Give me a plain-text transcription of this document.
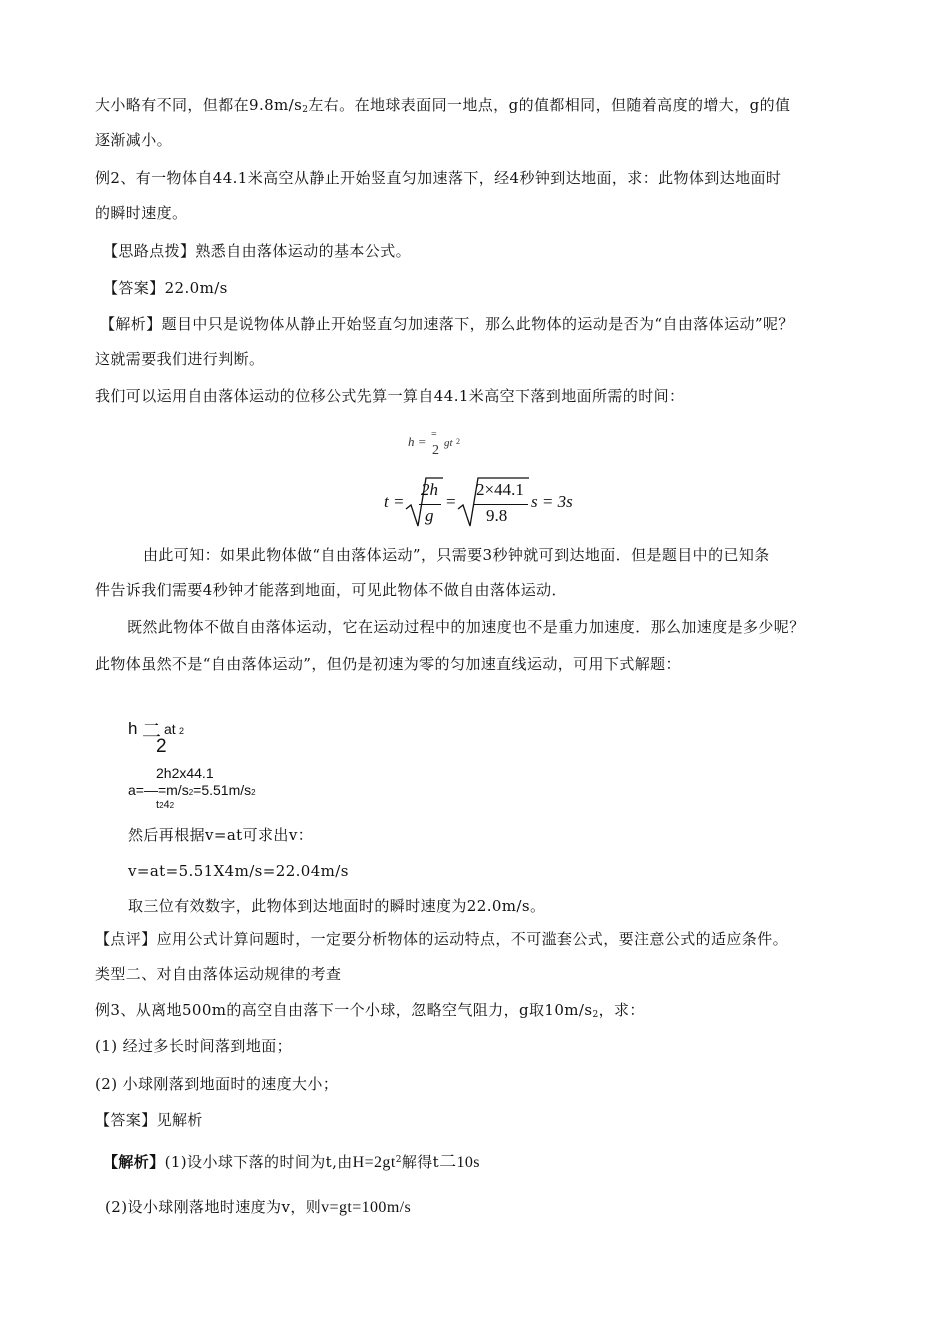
大小略有不同，但都在$9.8m/s_2$左右。在地球表面同一地点，g的值都相同，但随着高度的增大，g的值
逐渐减小。
例2、有一物体自44.1米高空从静止开始竖直匀加速落下，经4秒钟到达地面，求：此物体到达地面时
的瞬时速度。
【思路点拨】熟悉自由落体运动的基本公式。
【答案】22.0m/s
【解析】题目中只是说物体从静止开始竖直匀加速落下，那么此物体的运动是否为“自由落体运动”呢？
这就需要我们进行判断。
我们可以运用自由落体运动的位移公式先算一算自44.1米高空下落到地面所需的时间：
h = =
2 gt 2
t =
2h
g
=
2×44.1
9.8
s = 3s
由此可知：如果此物体做“自由落体运动”，只需要3秒钟就可到达地面．但是题目中的已知条
件告诉我们需要4秒钟才能落到地面，可见此物体不做自由落体运动．
既然此物体不做自由落体运动，它在运动过程中的加速度也不是重力加速度．那么加速度是多少呢？
此物体虽然不是“自由落体运动”，但仍是初速为零的匀加速直线运动，可用下式解题：
h 二 at 2
2
2h2x44.1
a=—=m/s2=5.51m/s2
t242
然后再根据v=at可求出v：
v=at=5.51X4m/s=22.04m/s
取三位有效数字，此物体到达地面时的瞬时速度为22.0m/s。
【点评】应用公式计算问题时，一定要分析物体的运动特点，不可滥套公式，要注意公式的适应条件。
类型二、对自由落体运动规律的考查
例3、从离地500m的高空自由落下一个小球，忽略空气阻力，g取$10m/s_2$，求：
(1) 经过多长时间落到地面；
(2) 小球刚落到地面时的速度大小；
【答案】见解析
【解析】(1)设小球下落的时间为t,由$H=2gt^2$解得t二10s
(2)设小球刚落地时速度为v，则v=gt=100m/s
